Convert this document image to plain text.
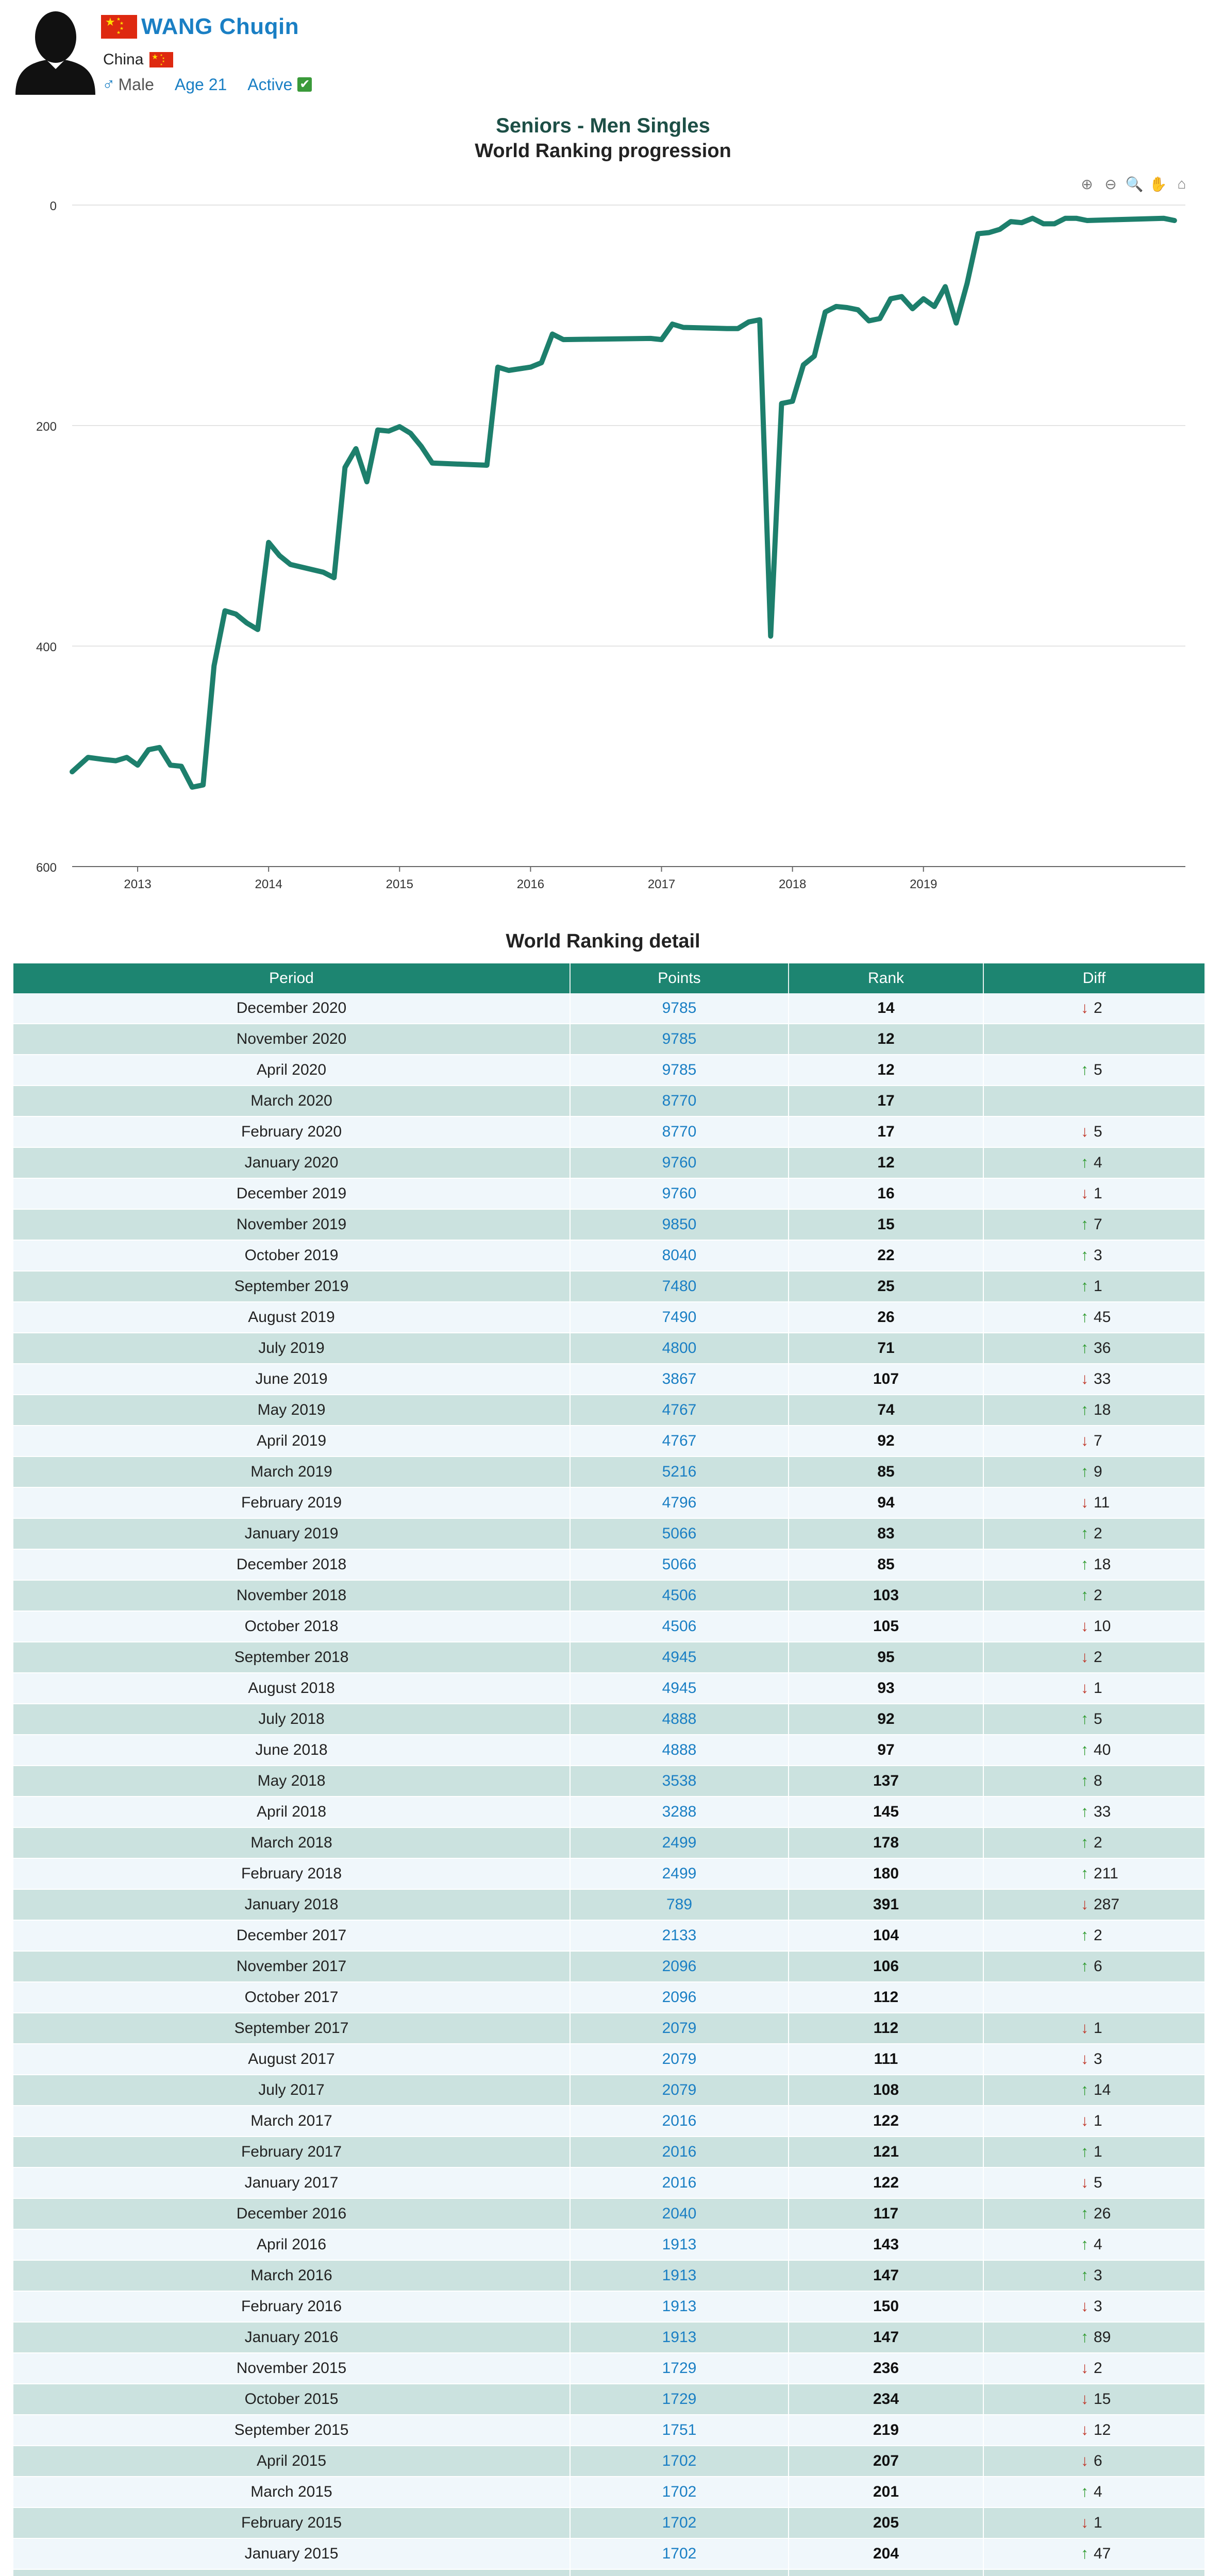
★ ★
★
★
★ WANG Chuqin
China ★ ★
★
★
★
♂ Male Age 21 Active ✔
Seniors - Men Singles
World Ranking progression
⊕ ⊖ 🔍 ✋ ⌂
0
200
400
600
2013	2014	2015	2016	2017	2018	2019
World Ranking detail
Period	Points	Rank	Diff
December 2020	9785	14	↓ 2
November 2020	9785	12	
April 2020	9785	12	↑ 5
March 2020	8770	17	
February 2020	8770	17	↓ 5
January 2020	9760	12	↑ 4
December 2019	9760	16	↓ 1
November 2019	9850	15	↑ 7
October 2019	8040	22	↑ 3
September 2019	7480	25	↑ 1
August 2019	7490	26	↑ 45
July 2019	4800	71	↑ 36
June 2019	3867	107	↓ 33
May 2019	4767	74	↑ 18
April 2019	4767	92	↓ 7
March 2019	5216	85	↑ 9
February 2019	4796	94	↓ 11
January 2019	5066	83	↑ 2
December 2018	5066	85	↑ 18
November 2018	4506	103	↑ 2
October 2018	4506	105	↓ 10
September 2018	4945	95	↓ 2
August 2018	4945	93	↓ 1
July 2018	4888	92	↑ 5
June 2018	4888	97	↑ 40
May 2018	3538	137	↑ 8
April 2018	3288	145	↑ 33
March 2018	2499	178	↑ 2
February 2018	2499	180	↑ 211
January 2018	789	391	↓ 287
December 2017	2133	104	↑ 2
November 2017	2096	106	↑ 6
October 2017	2096	112	
September 2017	2079	112	↓ 1
August 2017	2079	111	↓ 3
July 2017	2079	108	↑ 14
March 2017	2016	122	↓ 1
February 2017	2016	121	↑ 1
January 2017	2016	122	↓ 5
December 2016	2040	117	↑ 26
April 2016	1913	143	↑ 4
March 2016	1913	147	↑ 3
February 2016	1913	150	↓ 3
January 2016	1913	147	↑ 89
November 2015	1729	236	↓ 2
October 2015	1729	234	↓ 15
September 2015	1751	219	↓ 12
April 2015	1702	207	↓ 6
March 2015	1702	201	↑ 4
February 2015	1702	205	↓ 1
January 2015	1702	204	↑ 47
